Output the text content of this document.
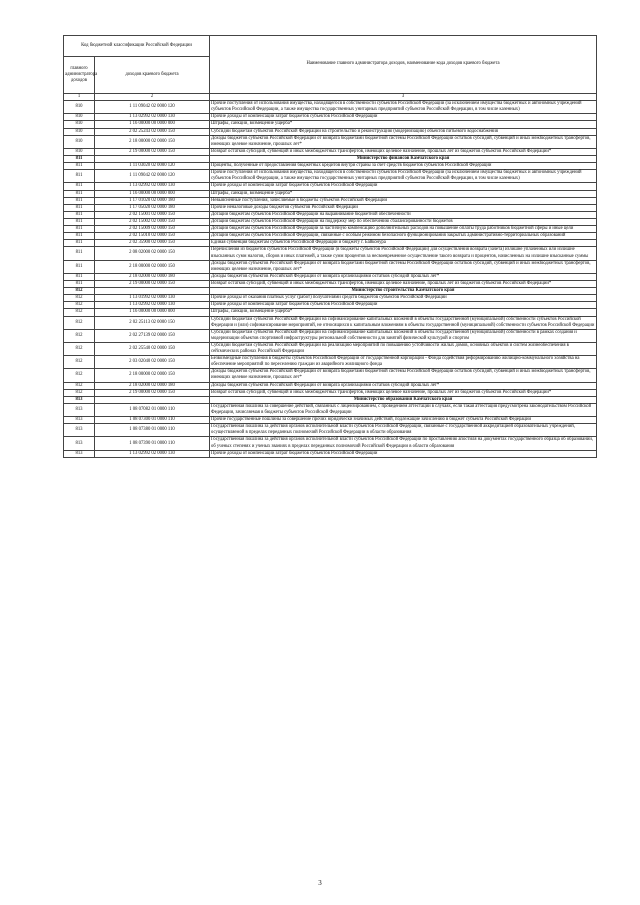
Код бюджетной классификации Российской Федерации		Наименование главного администратора доходов, наименование кода доходов краевого бюджета
главного администратора доходов	доходов краевого бюджета	
1	2	3
810	1 11 09042 02 0000 120	Прочие поступления от использования имущества, находящегося в собственности субъектов Российской Федерации (за исключением имущества бюджетных и автономных учреждений субъектов Российской Федерации, а также имущества государственных унитарных предприятий субъектов Российской Федерации, в том числе казенных)
810	1 13 02992 02 0000 130	Прочие доходы от компенсации затрат бюджетов субъектов Российской Федерации
810	1 16 00000 00 0000 000	Штрафы, санкции, возмещение ущерба*
810	2 02 25243 02 0000 150	Субсидии бюджетам субъектов Российской Федерации на строительство и реконструкцию (модернизацию) объектов питьевого водоснабжения
810	2 18 00000 02 0000 150	Доходы бюджетов субъектов Российской Федерации от возврата бюджетами бюджетной системы Российской Федерации остатков субсидий, субвенций и иных межбюджетных трансфертов, имеющих целевое назначение, прошлых лет*
810	2 19 00000 02 0000 150	Возврат остатков субсидий, субвенций и иных межбюджетных трансфертов, имеющих целевое назначение, прошлых лет из бюджетов субъектов Российской Федерации*
811		Министерство финансов Камчатского края
811	1 11 03020 02 0000 120	Проценты, полученные от предоставления бюджетных кредитов внутри страны за счет средств бюджетов субъектов Российской Федерации
811	1 11 09042 02 0000 120	Прочие поступления от использования имущества, находящегося в собственности субъектов Российской Федерации (за исключением имущества бюджетных и автономных учреждений субъектов Российской Федерации, а также имущества государственных унитарных предприятий субъектов Российской Федерации, в том числе казенных)
811	1 13 02992 02 0000 130	Прочие доходы от компенсации затрат бюджетов субъектов Российской Федерации
811	1 16 00000 00 0000 000	Штрафы, санкции, возмещение ущерба*
811	1 17 01020 02 0000 180	Невыясненные поступления, зачисляемые в бюджеты субъектов Российской Федерации
811	1 17 05020 02 0000 180	Прочие неналоговые доходы бюджетов субъектов Российской Федерации
811	2 02 15001 02 0000 150	Дотации бюджетам субъектов Российской Федерации на выравнивание бюджетной обеспеченности
811	2 02 15002 02 0000 150	Дотации бюджетам субъектов Российской Федерации на поддержку мер по обеспечению сбалансированности бюджетов
811	2 02 15009 02 0000 150	Дотации бюджетам субъектов Российской Федерации за частичную компенсацию дополнительных расходов на повышение оплаты труда работников бюджетной сферы и иные цели
811	2 02 15010 02 0000 150	Дотации бюджетам субъектов Российской Федерации, связанные с особым режимом безопасного функционирования закрытых административно-территориальных образований
811	2 02 35900 02 0000 150	Единая субвенция бюджетам субъектов Российской Федерации и бюджету г. Байконура
811	2 08 02000 02 0000 150	Перечисления из бюджетов субъектов Российской Федерации (в бюджеты субъектов Российской Федерации) для осуществления возврата (зачета) излишне уплаченных или излишне взысканных сумм налогов, сборов и иных платежей, а также сумм процентов за несвоевременное осуществление такого возврата и процентов, начисленных на излишне взысканные суммы
811	2 18 00000 02 0000 150	Доходы бюджетов субъектов Российской Федерации от возврата бюджетами бюджетной системы Российской Федерации остатков субсидий, субвенций и иных межбюджетных трансфертов, имеющих целевое назначение, прошлых лет*
811	2 18 02000 02 0000 180	Доходы бюджетов субъектов Российской Федерации от возврата организациями остатков субсидий прошлых лет*
811	2 19 00000 02 0000 150	Возврат остатков субсидий, субвенций и иных межбюджетных трансфертов, имеющих целевое назначение, прошлых лет из бюджетов субъектов Российской Федерации*
812		Министерство строительства Камчатского края
812	1 13 01992 02 0000 130	Прочие доходы от оказания платных услуг (работ) получателями средств бюджетов субъектов Российской Федерации
812	1 13 02992 02 0000 130	Прочие доходы от компенсации затрат бюджетов субъектов Российской Федерации
812	1 16 00000 00 0000 000	Штрафы, санкции, возмещение ущерба*
812	2 02 25113 02 0000 150	Субсидии бюджетам субъектов Российской Федерации на софинансирование капитальных вложений в объекты государственной (муниципальной) собственности субъектов Российской Федерации и (или) софинансирование мероприятий, не относящихся к капитальным вложениям в объекты государственной (муниципальной) собственности субъектов Российской Федерации
812	2 02 27139 02 0000 150	Субсидии бюджетам субъектов Российской Федерации на софинансирование капитальных вложений в объекты государственной (муниципальной) собственности в рамках создания и модернизации объектов спортивной инфраструктуры региональной собственности для занятий физической культурой и спортом
812	2 02 25540 02 0000 150	Субсидии бюджетам субъектов Российской Федерации на реализацию мероприятий по повышению устойчивости жилых домов, основных объектов и систем жизнеобеспечения в сейсмических районах Российской Федерации
812	2 03 02040 02 0000 150	Безвозмездные поступления в бюджеты субъектов Российской Федерации от государственной корпорации - Фонда содействия реформированию жилищно-коммунального хозяйства на обеспечение мероприятий по переселению граждан из аварийного жилищного фонда
812	2 18 00000 02 0000 150	Доходы бюджетов субъектов Российской Федерации от возврата бюджетами бюджетной системы Российской Федерации остатков субсидий, субвенций и иных межбюджетных трансфертов, имеющих целевое назначение, прошлых лет*
812	2 18 02000 02 0000 180	Доходы бюджетов субъектов Российской Федерации от возврата организациями остатков субсидий прошлых лет*
812	2 19 00000 02 0000 150	Возврат остатков субсидий, субвенций и иных межбюджетных трансфертов, имеющих целевое назначение, прошлых лет из бюджетов субъектов Российской Федерации*
813		Министерство образования Камчатского края
813	1 08 07082 01 0000 110	Государственная пошлина за совершение действий, связанных с лицензированием, с проведением аттестации в случаях, если такая аттестация предусмотрена законодательством Российской Федерации, зачисляемая в бюджеты субъектов Российской Федерации
813	1 08 07300 01 0000 110	Прочие государственные пошлины за совершение прочих юридически значимых действий, подлежащие зачислению в бюджет субъекта Российской Федерации
813	1 08 07380 01 0000 110	Государственная пошлина за действия органов исполнительной власти субъектов Российской Федерации, связанные с государственной аккредитацией образовательных учреждений, осуществляемой в пределах переданных полномочий Российской Федерации в области образования
813	1 08 07390 01 0000 110	Государственная пошлина за действия органов исполнительной власти субъектов Российской Федерации по проставлению апостиля на документах государственного образца об образовании, об ученых степенях и ученых званиях в пределах переданных полномочий Российской Федерации в области образования
813	1 13 02992 02 0000 130	Прочие доходы от компенсации затрат бюджетов субъектов Российской Федерации
3
